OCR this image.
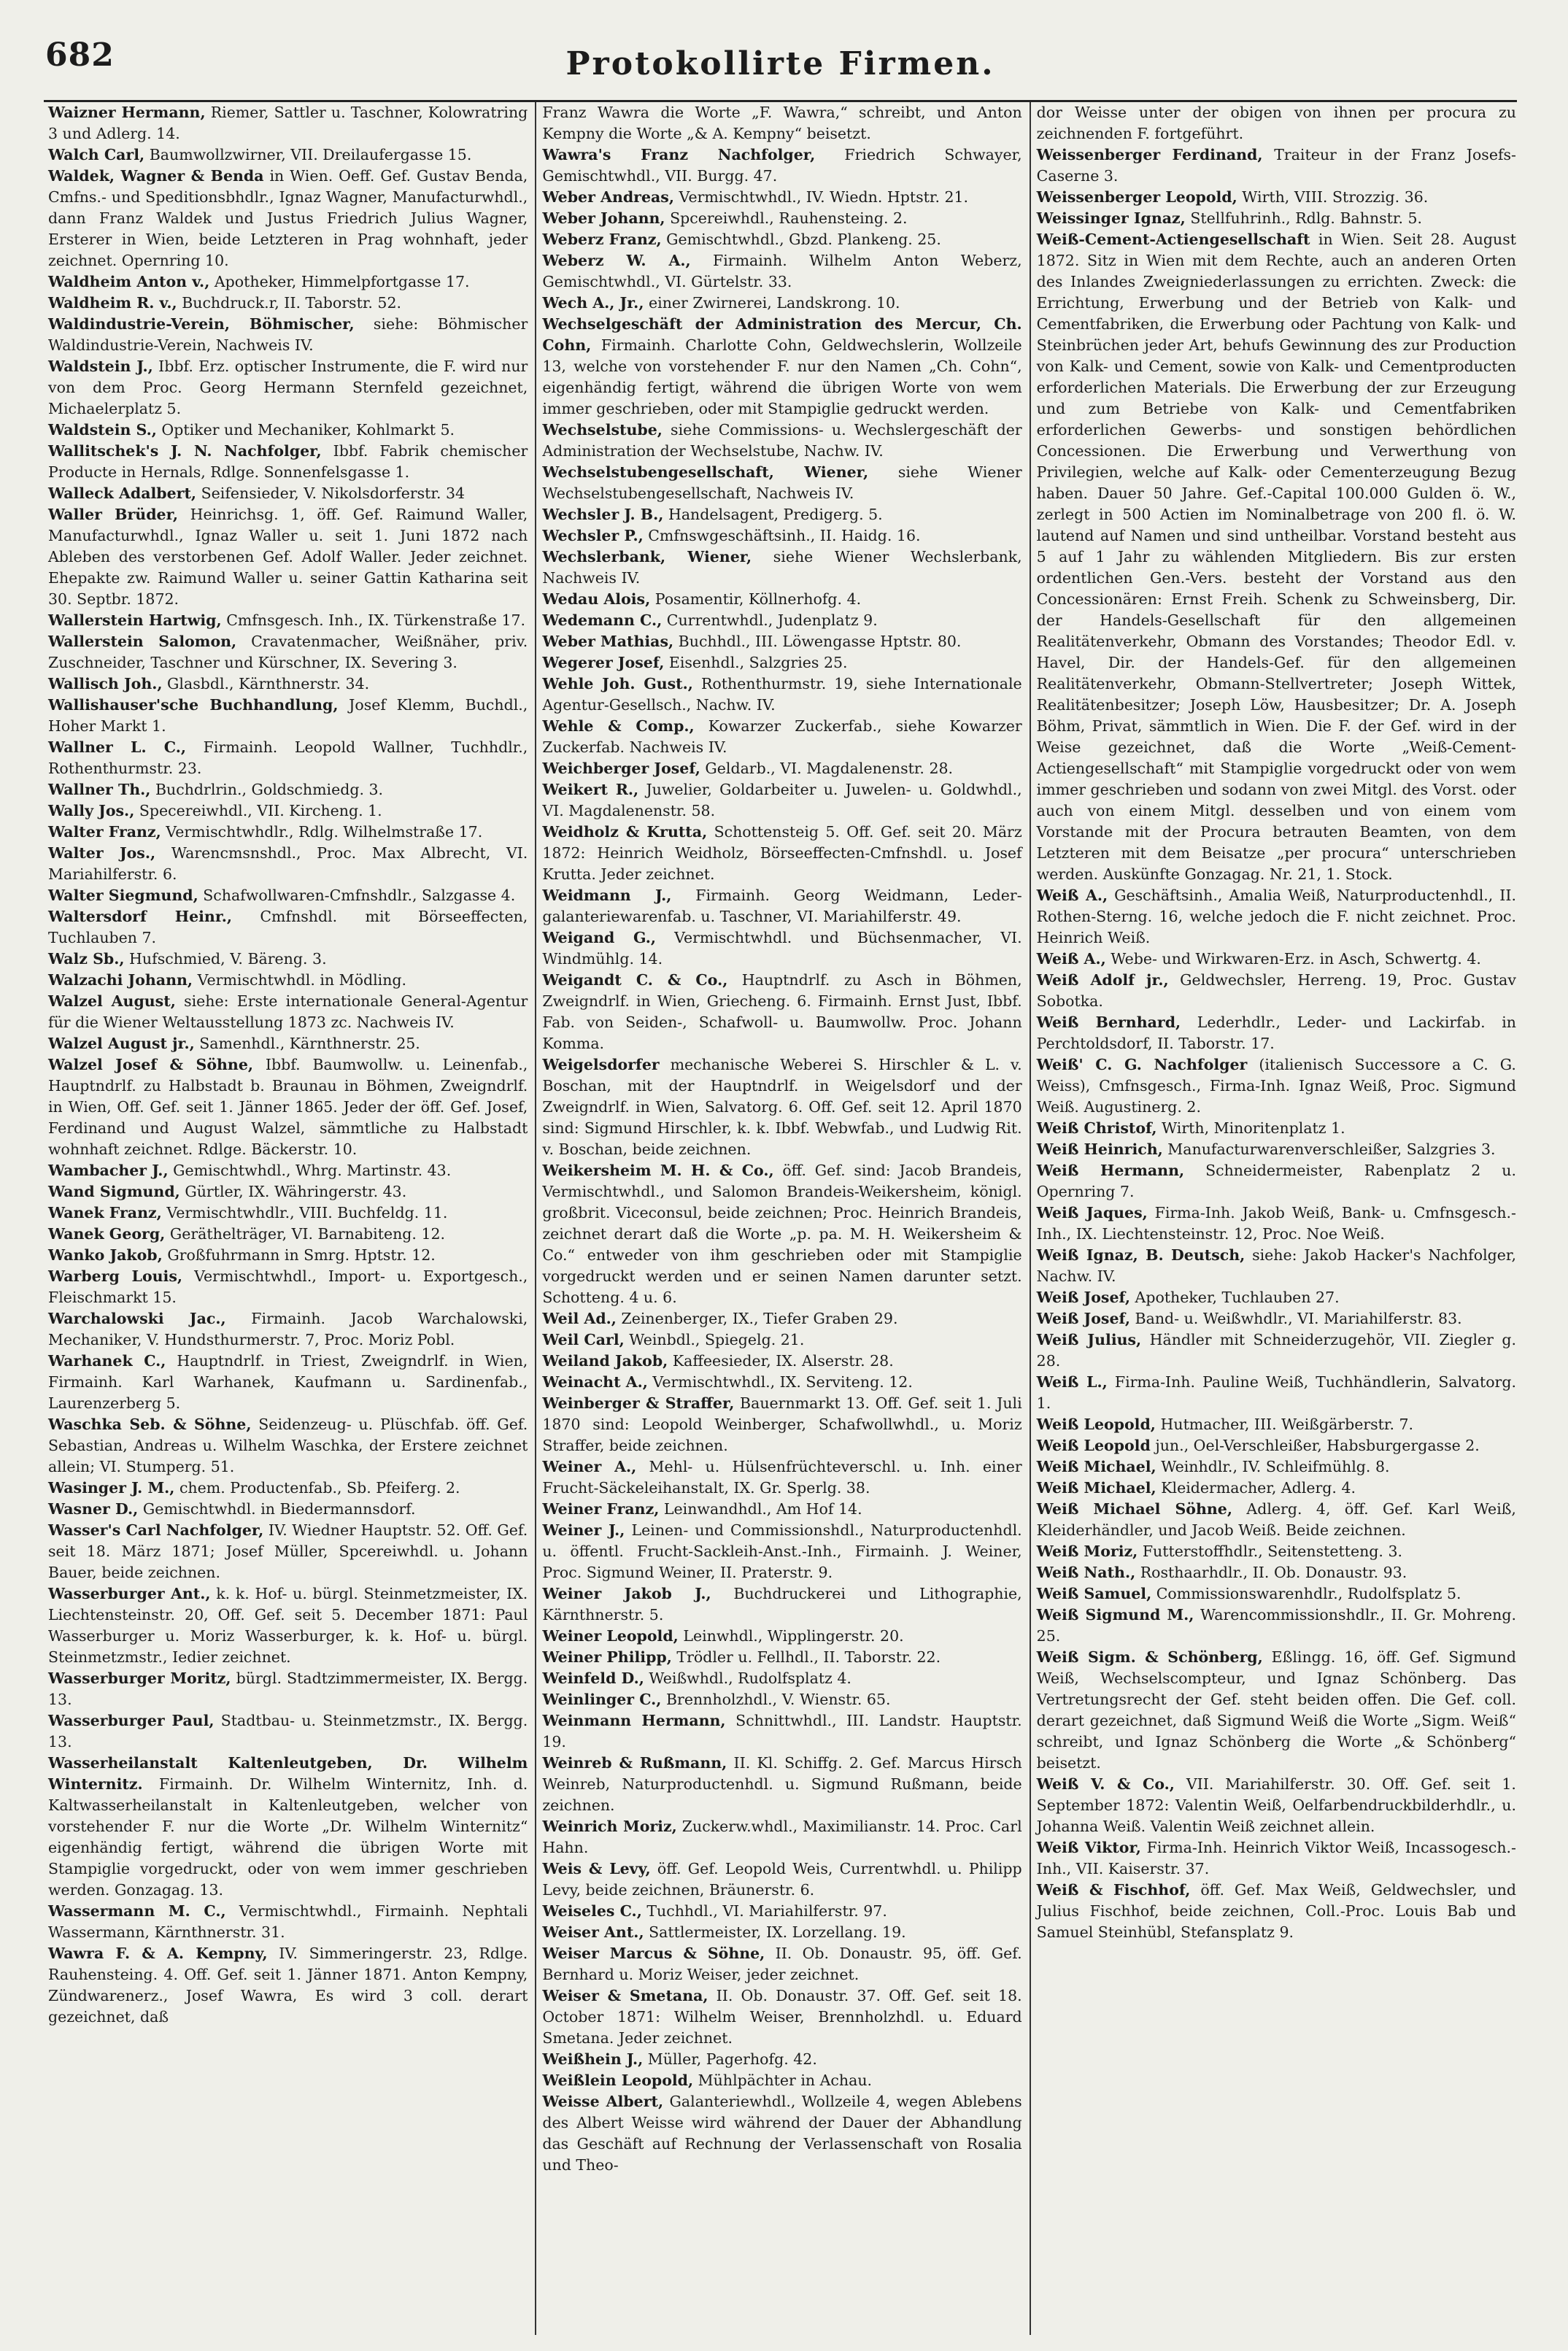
682	Protokollirte Firmen.

Waizner Hermann, Riemer, Sattler u. Taschner, Kolowratring 3 und Adlerg. 14.

Walch Carl, Baumwollzwirner, VII. Dreilaufergasse 15.

Waldek, Wagner & Benda in Wien. Oeff. Gef. Gustav Benda, Cmfns.- und Speditionsbhdlr., Ignaz Wagner, Manufacturwhdl., dann Franz Waldek und Justus Friedrich Julius Wagner, Ersterer in Wien, beide Letzteren in Prag wohnhaft, jeder zeichnet. Opernring 10.

Waldheim Anton v., Apotheker, Himmelpfortgasse 17.

Waldheim R. v., Buchdruck.r, II. Taborstr. 52.

Waldindustrie-Verein, Böhmischer, siehe: Böhmischer Waldindustrie-Verein, Nachweis IV.

Waldstein J., Ibbf. Erz. optischer Instrumente, die F. wird nur von dem Proc. Georg Hermann Sternfeld gezeichnet, Michaelerplatz 5.

Waldstein S., Optiker und Mechaniker, Kohlmarkt 5.

Wallitschek's J. N. Nachfolger, Ibbf. Fabrik chemischer Producte in Hernals, Rdlge. Sonnenfelsgasse 1.

Walleck Adalbert, Seifensieder, V. Nikolsdorferstr. 34

Waller Brüder, Heinrichsg. 1, öff. Gef. Raimund Waller, Manufacturwhdl., Ignaz Waller u. seit 1. Juni 1872 nach Ableben des verstorbenen Gef. Adolf Waller. Jeder zeichnet. Ehepakte zw. Raimund Waller u. seiner Gattin Katharina seit 30. Septbr. 1872.

Wallerstein Hartwig, Cmfnsgesch. Inh., IX. Türkenstraße 17.

Wallerstein Salomon, Cravatenmacher, Weißnäher, priv. Zuschneider, Taschner und Kürschner, IX. Severing 3.

Wallisch Joh., Glasbdl., Kärnthnerstr. 34.

Wallishauser'sche Buchhandlung, Josef Klemm, Buchdl., Hoher Markt 1.

Wallner L. C., Firmainh. Leopold Wallner, Tuchhdlr., Rothenthurmstr. 23.

Wallner Th., Buchdrlrin., Goldschmiedg. 3.

Wally Jos., Specereiwhdl., VII. Kircheng. 1.

Walter Franz, Vermischtwhdlr., Rdlg. Wilhelmstraße 17.

Walter Jos., Warencmsnshdl., Proc. Max Albrecht, VI. Mariahilferstr. 6.

Walter Siegmund, Schafwollwaren-Cmfnshdlr., Salzgasse 4.

Waltersdorf Heinr., Cmfnshdl. mit Börseeffecten, Tuchlauben 7.

Walz Sb., Hufschmied, V. Bäreng. 3.

Walzachi Johann, Vermischtwhdl. in Mödling.

Walzel August, siehe: Erste internationale General-Agentur für die Wiener Weltausstellung 1873 zc. Nachweis IV.

Walzel August jr., Samenhdl., Kärnthnerstr. 25.

Walzel Josef & Söhne, Ibbf. Baumwollw. u. Leinenfab., Hauptndrlf. zu Halbstadt b. Braunau in Böhmen, Zweigndrlf. in Wien, Off. Gef. seit 1. Jänner 1865. Jeder der öff. Gef. Josef, Ferdinand und August Walzel, sämmtliche zu Halbstadt wohnhaft zeichnet. Rdlge. Bäckerstr. 10.

Wambacher J., Gemischtwhdl., Whrg. Martinstr. 43.

Wand Sigmund, Gürtler, IX. Währingerstr. 43.

Wanek Franz, Vermischtwhdlr., VIII. Buchfeldg. 11.

Wanek Georg, Geräthelträger, VI. Barnabiteng. 12.

Wanko Jakob, Großfuhrmann in Smrg. Hptstr. 12.

Warberg Louis, Vermischtwhdl., Import- u. Exportgesch., Fleischmarkt 15.

Warchalowski Jac., Firmainh. Jacob Warchalowski, Mechaniker, V. Hundsthurmerstr. 7, Proc. Moriz Pobl.

Warhanek C., Hauptndrlf. in Triest, Zweigndrlf. in Wien, Firmainh. Karl Warhanek, Kaufmann u. Sardinenfab., Laurenzerberg 5.

Waschka Seb. & Söhne, Seidenzeug- u. Plüschfab. öff. Gef. Sebastian, Andreas u. Wilhelm Waschka, der Erstere zeichnet allein; VI. Stumperg. 51.

Wasinger J. M., chem. Productenfab., Sb. Pfeiferg. 2.

Wasner D., Gemischtwhdl. in Biedermannsdorf.

Wasser's Carl Nachfolger, IV. Wiedner Hauptstr. 52. Off. Gef. seit 18. März 1871; Josef Müller, Spcereiwhdl. u. Johann Bauer, beide zeichnen.

Wasserburger Ant., k. k. Hof- u. bürgl. Steinmetzmeister, IX. Liechtensteinstr. 20, Off. Gef. seit 5. December 1871: Paul Wasserburger u. Moriz Wasserburger, k. k. Hof- u. bürgl. Steinmetzmstr., Iedier zeichnet.

Wasserburger Moritz, bürgl. Stadtzimmermeister, IX. Bergg. 13.

Wasserburger Paul, Stadtbau- u. Steinmetzmstr., IX. Bergg. 13.

Wasserheilanstalt Kaltenleutgeben, Dr. Wilhelm Winternitz. Firmainh. Dr. Wilhelm Winternitz, Inh. d. Kaltwasserheilanstalt in Kaltenleutgeben, welcher von vorstehender F. nur die Worte „Dr. Wilhelm Winternitz“ eigenhändig fertigt, während die übrigen Worte mit Stampiglie vorgedruckt, oder von wem immer geschrieben werden. Gonzagag. 13.

Wassermann M. C., Vermischtwhdl., Firmainh. Nephtali Wassermann, Kärnthnerstr. 31.

Wawra F. & A. Kempny, IV. Simmeringerstr. 23, Rdlge. Rauhensteing. 4. Off. Gef. seit 1. Jänner 1871. Anton Kempny, Zündwarenerz., Josef Wawra, Es wird 3 coll. derart gezeichnet, daß

Franz Wawra die Worte „F. Wawra,“ schreibt, und Anton Kempny die Worte „& A. Kempny“ beisetzt.

Wawra's Franz Nachfolger, Friedrich Schwayer, Gemischtwhdl., VII. Burgg. 47.

Weber Andreas, Vermischtwhdl., IV. Wiedn. Hptstr. 21.

Weber Johann, Spcereiwhdl., Rauhensteing. 2.

Weberz Franz, Gemischtwhdl., Gbzd. Plankeng. 25.

Weberz W. A., Firmainh. Wilhelm Anton Weberz, Gemischtwhdl., VI. Gürtelstr. 33.

Wech A., Jr., einer Zwirnerei, Landskrong. 10.

Wechselgeschäft der Administration des Mercur, Ch. Cohn, Firmainh. Charlotte Cohn, Geldwechslerin, Wollzeile 13, welche von vorstehender F. nur den Namen „Ch. Cohn“, eigenhändig fertigt, während die übrigen Worte von wem immer geschrieben, oder mit Stampiglie gedruckt werden.

Wechselstube, siehe Commissions- u. Wechslergeschäft der Administration der Wechselstube, Nachw. IV.

Wechselstubengesellschaft, Wiener, siehe Wiener Wechselstubengesellschaft, Nachweis IV.

Wechsler J. B., Handelsagent, Predigerg. 5.

Wechsler P., Cmfnswgeschäftsinh., II. Haidg. 16.

Wechslerbank, Wiener, siehe Wiener Wechslerbank, Nachweis IV.

Wedau Alois, Posamentir, Köllnerhofg. 4.

Wedemann C., Currentwhdl., Judenplatz 9.

Weber Mathias, Buchhdl., III. Löwengasse Hptstr. 80.

Wegerer Josef, Eisenhdl., Salzgries 25.

Wehle Joh. Gust., Rothenthurmstr. 19, siehe Internationale Agentur-Gesellsch., Nachw. IV.

Wehle & Comp., Kowarzer Zuckerfab., siehe Kowarzer Zuckerfab. Nachweis IV.

Weichberger Josef, Geldarb., VI. Magdalenenstr. 28.

Weikert R., Juwelier, Goldarbeiter u. Juwelen- u. Goldwhdl., VI. Magdalenenstr. 58.

Weidholz & Krutta, Schottensteig 5. Off. Gef. seit 20. März 1872: Heinrich Weidholz, Börseeffecten-Cmfnshdl. u. Josef Krutta. Jeder zeichnet.

Weidmann J., Firmainh. Georg Weidmann, Leder-galanteriewarenfab. u. Taschner, VI. Mariahilferstr. 49.

Weigand G., Vermischtwhdl. und Büchsenmacher, VI. Windmühlg. 14.

Weigandt C. & Co., Hauptndrlf. zu Asch in Böhmen, Zweigndrlf. in Wien, Griecheng. 6. Firmainh. Ernst Just, Ibbf. Fab. von Seiden-, Schafwoll- u. Baumwollw. Proc. Johann Komma.

Weigelsdorfer mechanische Weberei S. Hirschler & L. v. Boschan, mit der Hauptndrlf. in Weigelsdorf und der Zweigndrlf. in Wien, Salvatorg. 6. Off. Gef. seit 12. April 1870 sind: Sigmund Hirschler, k. k. Ibbf. Webwfab., und Ludwig Rit. v. Boschan, beide zeichnen.

Weikersheim M. H. & Co., öff. Gef. sind: Jacob Brandeis, Vermischtwhdl., und Salomon Brandeis-Weikersheim, königl. großbrit. Viceconsul, beide zeichnen; Proc. Heinrich Brandeis, zeichnet derart daß die Worte „p. pa. M. H. Weikersheim & Co.“ entweder von ihm geschrieben oder mit Stampiglie vorgedruckt werden und er seinen Namen darunter setzt. Schotteng. 4 u. 6.

Weil Ad., Zeinenberger, IX., Tiefer Graben 29.

Weil Carl, Weinbdl., Spiegelg. 21.

Weiland Jakob, Kaffeesieder, IX. Alserstr. 28.

Weinacht A., Vermischtwhdl., IX. Serviteng. 12.

Weinberger & Straffer, Bauernmarkt 13. Off. Gef. seit 1. Juli 1870 sind: Leopold Weinberger, Schafwollwhdl., u. Moriz Straffer, beide zeichnen.

Weiner A., Mehl- u. Hülsenfrüchteverschl. u. Inh. einer Frucht-Säckeleihanstalt, IX. Gr. Sperlg. 38.

Weiner Franz, Leinwandhdl., Am Hof 14.

Weiner J., Leinen- und Commissionshdl., Naturproductenhdl. u. öffentl. Frucht-Sackleih-Anst.-Inh., Firmainh. J. Weiner, Proc. Sigmund Weiner, II. Praterstr. 9.

Weiner Jakob J., Buchdruckerei und Lithographie, Kärnthnerstr. 5.

Weiner Leopold, Leinwhdl., Wipplingerstr. 20.

Weiner Philipp, Trödler u. Fellhdl., II. Taborstr. 22.

Weinfeld D., Weißwhdl., Rudolfsplatz 4.

Weinlinger C., Brennholzhdl., V. Wienstr. 65.

Weinmann Hermann, Schnittwhdl., III. Landstr. Hauptstr. 19.

Weinreb & Rußmann, II. Kl. Schiffg. 2. Gef. Marcus Hirsch Weinreb, Naturproductenhdl. u. Sigmund Rußmann, beide zeichnen.

Weinrich Moriz, Zuckerw.whdl., Maximilianstr. 14. Proc. Carl Hahn.

Weis & Levy, öff. Gef. Leopold Weis, Currentwhdl. u. Philipp Levy, beide zeichnen, Bräunerstr. 6.

Weiseles C., Tuchhdl., VI. Mariahilferstr. 97.

Weiser Ant., Sattlermeister, IX. Lorzellang. 19.

Weiser Marcus & Söhne, II. Ob. Donaustr. 95, öff. Gef. Bernhard u. Moriz Weiser, jeder zeichnet.

Weiser & Smetana, II. Ob. Donaustr. 37. Off. Gef. seit 18. October 1871: Wilhelm Weiser, Brennholzhdl. u. Eduard Smetana. Jeder zeichnet.

Weißhein J., Müller, Pagerhofg. 42.

Weißlein Leopold, Mühlpächter in Achau.

Weisse Albert, Galanteriewhdl., Wollzeile 4, wegen Ablebens des Albert Weisse wird während der Dauer der Abhandlung das Geschäft auf Rechnung der Verlassenschaft von Rosalia und Theo-

dor Weisse unter der obigen von ihnen per procura zu zeichnenden F. fortgeführt.

Weissenberger Ferdinand, Traiteur in der Franz Josefs-Caserne 3.

Weissenberger Leopold, Wirth, VIII. Strozzig. 36.

Weissinger Ignaz, Stellfuhrinh., Rdlg. Bahnstr. 5.

Weiß-Cement-Actiengesellschaft in Wien. Seit 28. August 1872. Sitz in Wien mit dem Rechte, auch an anderen Orten des Inlandes Zweigniederlassungen zu errichten. Zweck: die Errichtung, Erwerbung und der Betrieb von Kalk- und Cementfabriken, die Erwerbung oder Pachtung von Kalk- und Steinbrüchen jeder Art, behufs Gewinnung des zur Production von Kalk- und Cement, sowie von Kalk- und Cementproducten erforderlichen Materials. Die Erwerbung der zur Erzeugung und zum Betriebe von Kalk- und Cementfabriken erforderlichen Gewerbs- und sonstigen behördlichen Concessionen. Die Erwerbung und Verwerthung von Privilegien, welche auf Kalk- oder Cementerzeugung Bezug haben. Dauer 50 Jahre. Gef.-Capital 100.000 Gulden ö. W., zerlegt in 500 Actien im Nominalbetrage von 200 fl. ö. W. lautend auf Namen und sind untheilbar. Vorstand besteht aus 5 auf 1 Jahr zu wählenden Mitgliedern. Bis zur ersten ordentlichen Gen.-Vers. besteht der Vorstand aus den Concessionären: Ernst Freih. Schenk zu Schweinsberg, Dir. der Handels-Gesellschaft für den allgemeinen Realitätenverkehr, Obmann des Vorstandes; Theodor Edl. v. Havel, Dir. der Handels-Gef. für den allgemeinen Realitätenverkehr, Obmann-Stellvertreter; Joseph Wittek, Realitätenbesitzer; Joseph Löw, Hausbesitzer; Dr. A. Joseph Böhm, Privat, sämmtlich in Wien. Die F. der Gef. wird in der Weise gezeichnet, daß die Worte „Weiß-Cement-Actiengesellschaft“ mit Stampiglie vorgedruckt oder von wem immer geschrieben und sodann von zwei Mitgl. des Vorst. oder auch von einem Mitgl. desselben und von einem vom Vorstande mit der Procura betrauten Beamten, von dem Letzteren mit dem Beisatze „per procura“ unterschrieben werden. Auskünfte Gonzagag. Nr. 21, 1. Stock.

Weiß A., Geschäftsinh., Amalia Weiß, Naturproductenhdl., II. Rothen-Sterng. 16, welche jedoch die F. nicht zeichnet. Proc. Heinrich Weiß.

Weiß A., Webe- und Wirkwaren-Erz. in Asch, Schwertg. 4.

Weiß Adolf jr., Geldwechsler, Herreng. 19, Proc. Gustav Sobotka.

Weiß Bernhard, Lederhdlr., Leder- und Lackirfab. in Perchtoldsdorf, II. Taborstr. 17.

Weiß' C. G. Nachfolger (italienisch Successore a C. G. Weiss), Cmfnsgesch., Firma-Inh. Ignaz Weiß, Proc. Sigmund Weiß. Augustinerg. 2.

Weiß Christof, Wirth, Minoritenplatz 1.

Weiß Heinrich, Manufacturwarenverschleißer, Salzgries 3.

Weiß Hermann, Schneidermeister, Rabenplatz 2 u. Opernring 7.

Weiß Jaques, Firma-Inh. Jakob Weiß, Bank- u. Cmfnsgesch.-Inh., IX. Liechtensteinstr. 12, Proc. Noe Weiß.

Weiß Ignaz, B. Deutsch, siehe: Jakob Hacker's Nachfolger, Nachw. IV.

Weiß Josef, Apotheker, Tuchlauben 27.

Weiß Josef, Band- u. Weißwhdlr., VI. Mariahilferstr. 83.

Weiß Julius, Händler mit Schneiderzugehör, VII. Ziegler g. 28.

Weiß L., Firma-Inh. Pauline Weiß, Tuchhändlerin, Salvatorg. 1.

Weiß Leopold, Hutmacher, III. Weißgärberstr. 7.

Weiß Leopold jun., Oel-Verschleißer, Habsburgergasse 2.

Weiß Michael, Weinhdlr., IV. Schleifmühlg. 8.

Weiß Michael, Kleidermacher, Adlerg. 4.

Weiß Michael Söhne, Adlerg. 4, öff. Gef. Karl Weiß, Kleiderhändler, und Jacob Weiß. Beide zeichnen.

Weiß Moriz, Futterstoffhdlr., Seitenstetteng. 3.

Weiß Nath., Rosthaarhdlr., II. Ob. Donaustr. 93.

Weiß Samuel, Commissionswarenhdlr., Rudolfsplatz 5.

Weiß Sigmund M., Warencommissionshdlr., II. Gr. Mohreng. 25.

Weiß Sigm. & Schönberg, Eßlingg. 16, öff. Gef. Sigmund Weiß, Wechselscompteur, und Ignaz Schönberg. Das Vertretungsrecht der Gef. steht beiden offen. Die Gef. coll. derart gezeichnet, daß Sigmund Weiß die Worte „Sigm. Weiß“ schreibt, und Ignaz Schönberg die Worte „& Schönberg“ beisetzt.

Weiß V. & Co., VII. Mariahilferstr. 30. Off. Gef. seit 1. September 1872: Valentin Weiß, Oelfarbendruckbilderhdlr., u. Johanna Weiß. Valentin Weiß zeichnet allein.

Weiß Viktor, Firma-Inh. Heinrich Viktor Weiß, Incassogesch.-Inh., VII. Kaiserstr. 37.

Weiß & Fischhof, öff. Gef. Max Weiß, Geldwechsler, und Julius Fischhof, beide zeichnen, Coll.-Proc. Louis Bab und Samuel Steinhübl, Stefansplatz 9.
